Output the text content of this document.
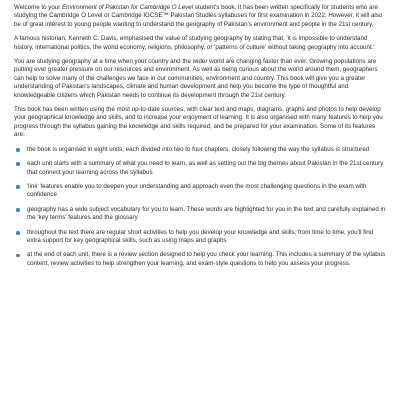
Welcome to your Environment of Pakistan for Cambridge O Level student's book. It has been written specifically for students who are studying the Cambridge O Level or Cambridge IGCSE™ Pakistan Studies syllabuses for first examination in 2022. However, it will also be of great interest to young people wanting to understand the geography of Pakistan's environment and people in the 21st century.

A famous historian, Kenneth C. Davis, emphasised the value of studying geography by stating that, 'it is impossible to understand history, international politics, the world economy, religions, philosophy, or 'patterns of culture' without taking geography into account.'

You are studying geography at a time when your country and the wider world are changing faster than ever. Growing populations are putting ever greater pressure on our resources and environment. As well as being curious about the world around them, geographers can help to solve many of the challenges we face in our communities, environment and country. This book will give you a greater understanding of Pakistan's landscapes, climate and human development and help you become the type of thoughtful and knowledgeable citizens which Pakistan needs to continue its development through the 21st century.

This book has been written using the most up-to-date sources, with clear text and maps, diagrams, graphs and photos to help develop your geographical knowledge and skills, and to increase your enjoyment of learning. It is also organised with many features to help you progress through the syllabus gaining the knowledge and skills required, and be prepared for your examination. Some of its features are:

the book is organised in eight units, each divided into two to four chapters, closely following the way the syllabus is structured
each unit starts with a summary of what you need to learn, as well as setting out the big themes about Pakistan in the 21st century that connect your learning across the syllabus
'link' features enable you to deepen your understanding and approach even the most challenging questions in the exam with confidence
geography has a wide subject vocabulary for you to learn. These words are highlighted for you in the text and carefully explained in the 'key terms' features and the glossary
throughout the text there are regular short activities to help you develop your knowledge and skills; from time to time, you'll find extra support for key geographical skills, such as using maps and graphs
at the end of each unit, there is a review section designed to help you check your learning. This includes a summary of the syllabus content, review activities to help strengthen your learning, and exam-style questions to help you assess your progress.
